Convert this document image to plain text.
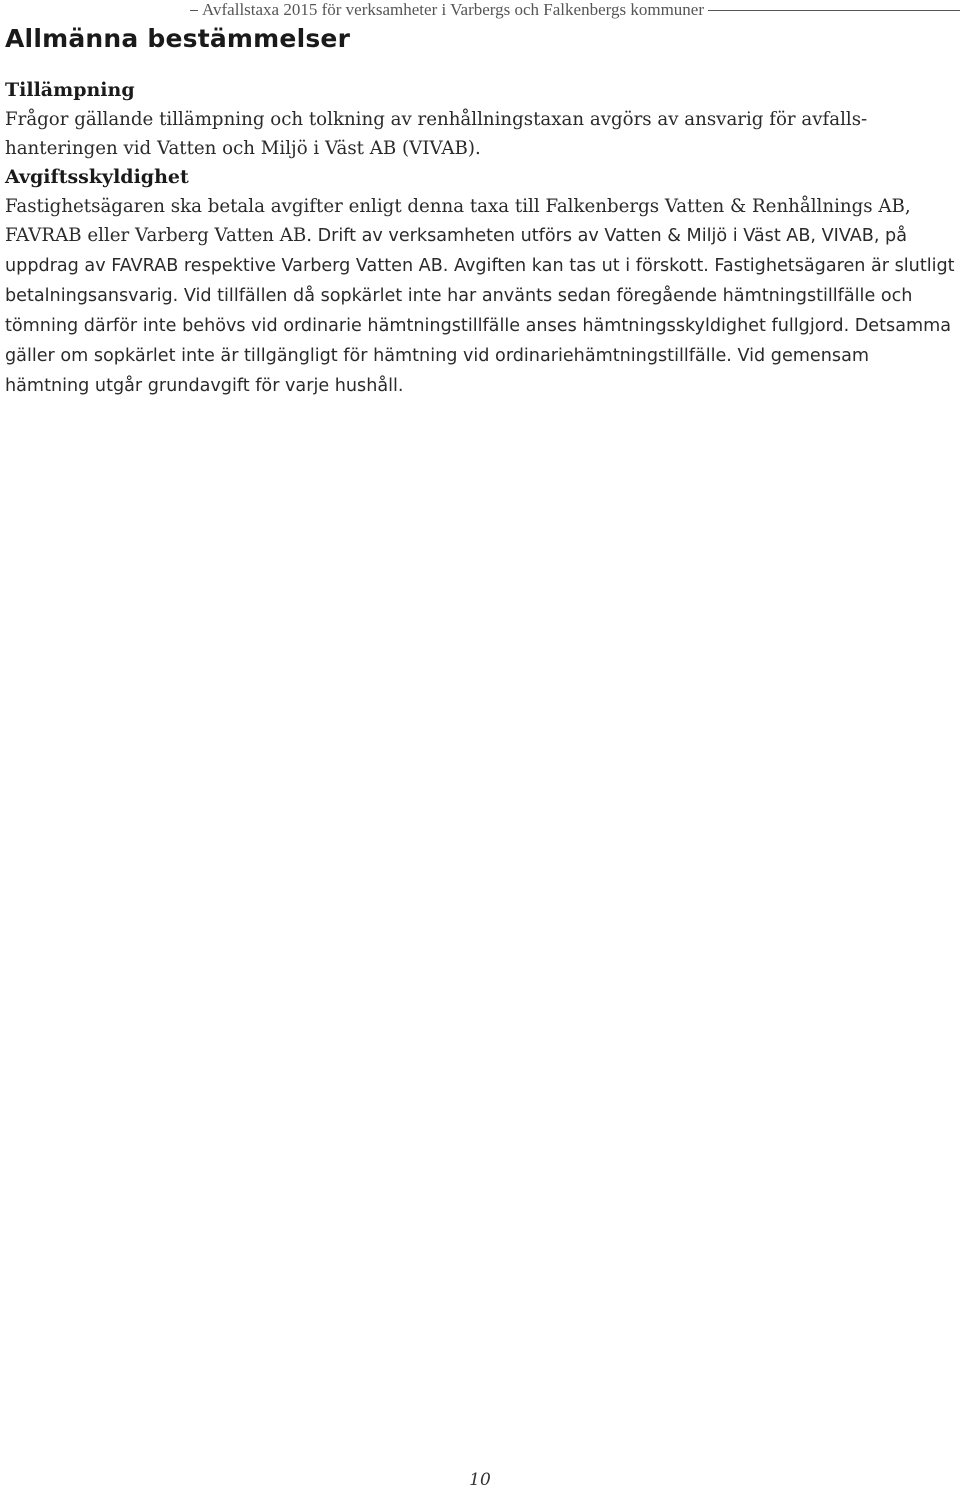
Avfallstaxa 2015 för verksamheter i Varbergs och Falkenbergs kommuner
Allmänna bestämmelser
Tillämpning

Frågor gällande tillämpning och tolkning av renhållningstaxan avgörs av ansvarig för avfalls-hanteringen vid Vatten och Miljö i Väst AB (VIVAB).

Avgiftsskyldighet

Fastighetsägaren ska betala avgifter enligt denna taxa till Falkenbergs Vatten & Renhållnings AB, FAVRAB eller Varberg Vatten AB. Drift av verksamheten utförs av Vatten & Miljö i Väst AB, VIVAB, på uppdrag av FAVRAB respektive Varberg Vatten AB. Avgiften kan tas ut i förskott. Fastighetsägaren är slutligt betalningsansvarig. Vid tillfällen då sopkärlet inte har använts sedan föregående hämtningstillfälle och tömning därför inte behövs vid ordinarie hämtningstillfälle anses hämtningsskyldighet fullgjord. Detsamma gäller om sopkärlet inte är tillgängligt för hämtning vid ordinariehämtningstillfälle. Vid gemensam hämtning utgår grundavgift för varje hushåll.

10
